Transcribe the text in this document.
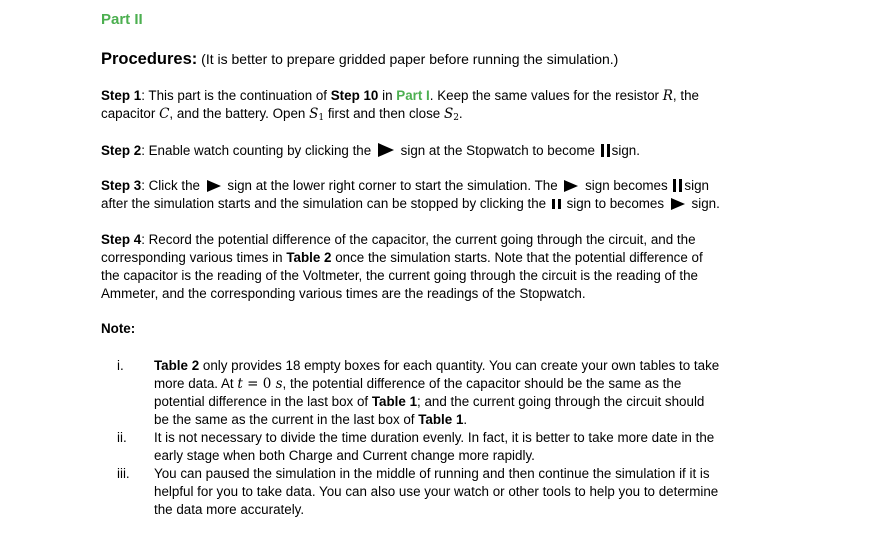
Part II
Procedures: (It is better to prepare gridded paper before running the simulation.)
Step 1: This part is the continuation of Step 10 in Part I. Keep the same values for the resistor R, the
capacitor C, and the battery. Open $S_1$ first and then close $S_2$.
Step 2: Enable watch counting by clicking the  sign at the Stopwatch to become sign.
Step 3: Click the  sign at the lower right corner to start the simulation. The  sign becomes sign
after the simulation starts and the simulation can be stopped by clicking the  sign to becomes  sign.
Step 4: Record the potential difference of the capacitor, the current going through the circuit, and the
corresponding various times in Table 2 once the simulation starts. Note that the potential difference of
the capacitor is the reading of the Voltmeter, the current going through the circuit is the reading of the
Ammeter, and the corresponding various times are the readings of the Stopwatch.
Note:
i. Table 2 only provides 18 empty boxes for each quantity. You can create your own tables to take
more data. At t = 0 s, the potential difference of the capacitor should be the same as the
potential difference in the last box of Table 1; and the current going through the circuit should
be the same as the current in the last box of Table 1.
ii. It is not necessary to divide the time duration evenly. In fact, it is better to take more date in the
early stage when both Charge and Current change more rapidly.
iii. You can paused the simulation in the middle of running and then continue the simulation if it is
helpful for you to take data. You can also use your watch or other tools to help you to determine
the data more accurately.
